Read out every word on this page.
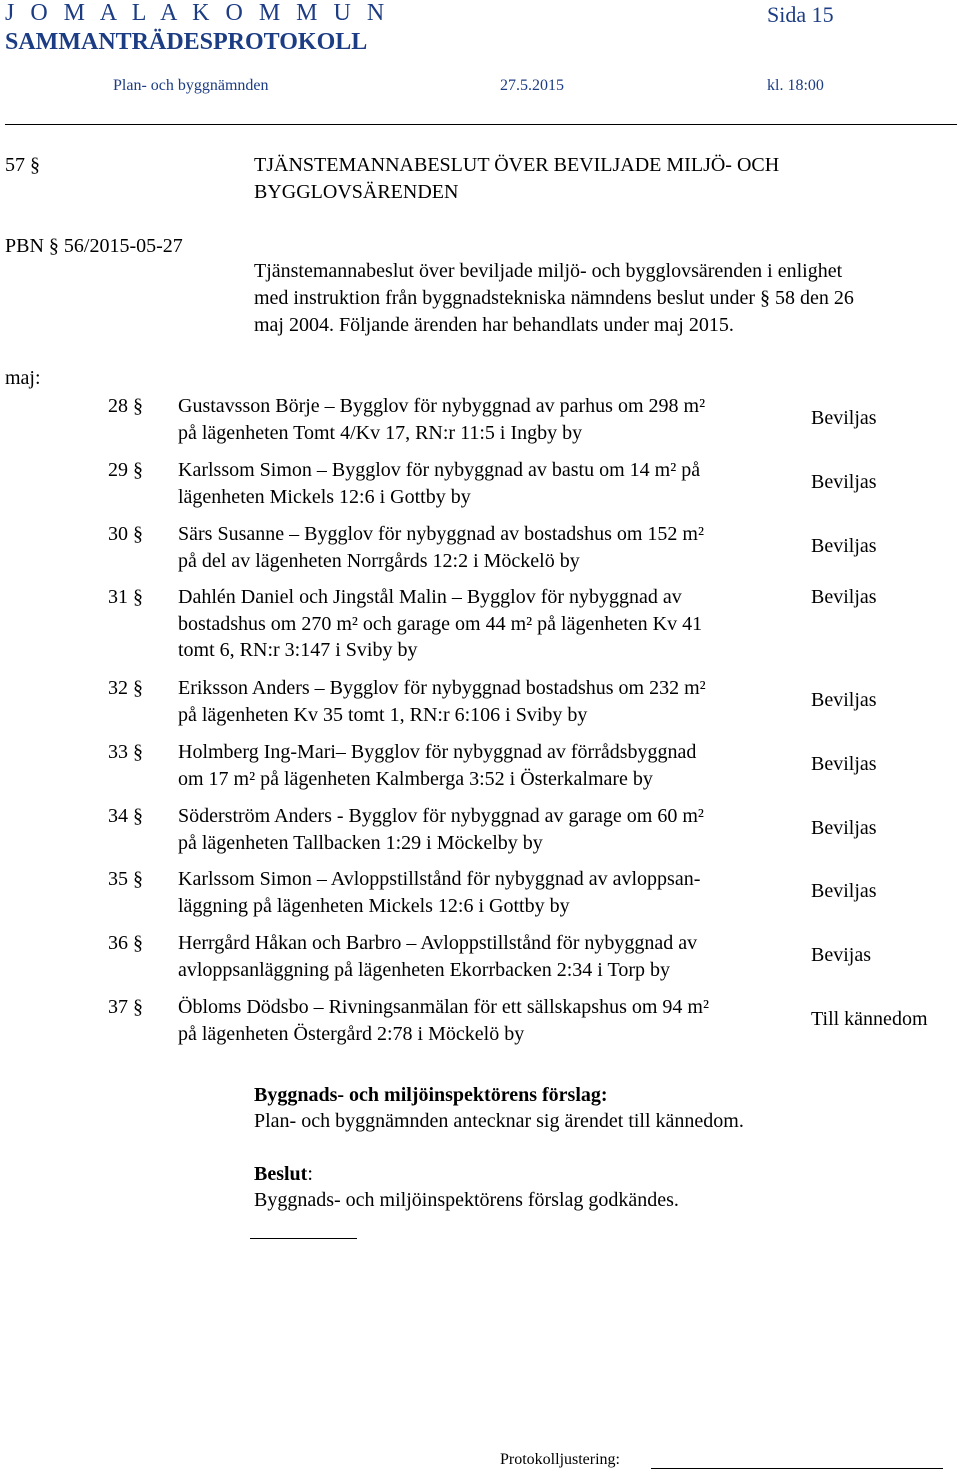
J O M A L A K O M M U N	Sida 15
SAMMANTRÄDESPROTOKOLL
Plan- och byggnämnden	27.5.2015	kl. 18:00
57 §	TJÄNSTEMANNABESLUT ÖVER BEVILJADE MILJÖ- OCH
BYGGLOVSÄRENDEN
PBN § 56/2015-05-27
Tjänstemannabeslut över beviljade miljö- och bygglovsärenden i enlighet
med instruktion från byggnadstekniska nämndens beslut under § 58 den 26
maj 2004. Följande ärenden har behandlats under maj 2015.
maj:
28 § Gustavsson Börje – Bygglov för nybyggnad av parhus om 298 m²
på lägenheten Tomt 4/Kv 17, RN:r 11:5 i Ingby by
Beviljas
29 § Karlssom Simon – Bygglov för nybyggnad av bastu om 14 m² på
lägenheten Mickels 12:6 i Gottby by
Beviljas
30 § Särs Susanne – Bygglov för nybyggnad av bostadshus om 152 m²
på del av lägenheten Norrgårds 12:2 i Möckelö by
Beviljas
31 § Dahlén Daniel och Jingstål Malin – Bygglov för nybyggnad av
bostadshus om 270 m² och garage om 44 m² på lägenheten Kv 41
tomt 6, RN:r 3:147 i Sviby by
Beviljas
32 § Eriksson Anders – Bygglov för nybyggnad bostadshus om 232 m²
på lägenheten Kv 35 tomt 1, RN:r 6:106 i Sviby by
Beviljas
33 § Holmberg Ing-Mari– Bygglov för nybyggnad av förrådsbyggnad
om 17 m² på lägenheten Kalmberga 3:52 i Österkalmare by
Beviljas
34 § Söderström Anders - Bygglov för nybyggnad av garage om 60 m²
på lägenheten Tallbacken 1:29 i Möckelby by
Beviljas
35 § Karlssom Simon – Avloppstillstånd för nybyggnad av avloppsan-
läggning på lägenheten Mickels 12:6 i Gottby by
Beviljas
36 § Herrgård Håkan och Barbro – Avloppstillstånd för nybyggnad av
avloppsanläggning på lägenheten Ekorrbacken 2:34 i Torp by
Bevijas
37 § Öbloms Dödsbo – Rivningsanmälan för ett sällskapshus om 94 m²
på lägenheten Östergård 2:78 i Möckelö by
Till kännedom
Byggnads- och miljöinspektörens förslag:
Plan- och byggnämnden antecknar sig ärendet till kännedom.
Beslut:
Byggnads- och miljöinspektörens förslag godkändes.
Protokolljustering:
